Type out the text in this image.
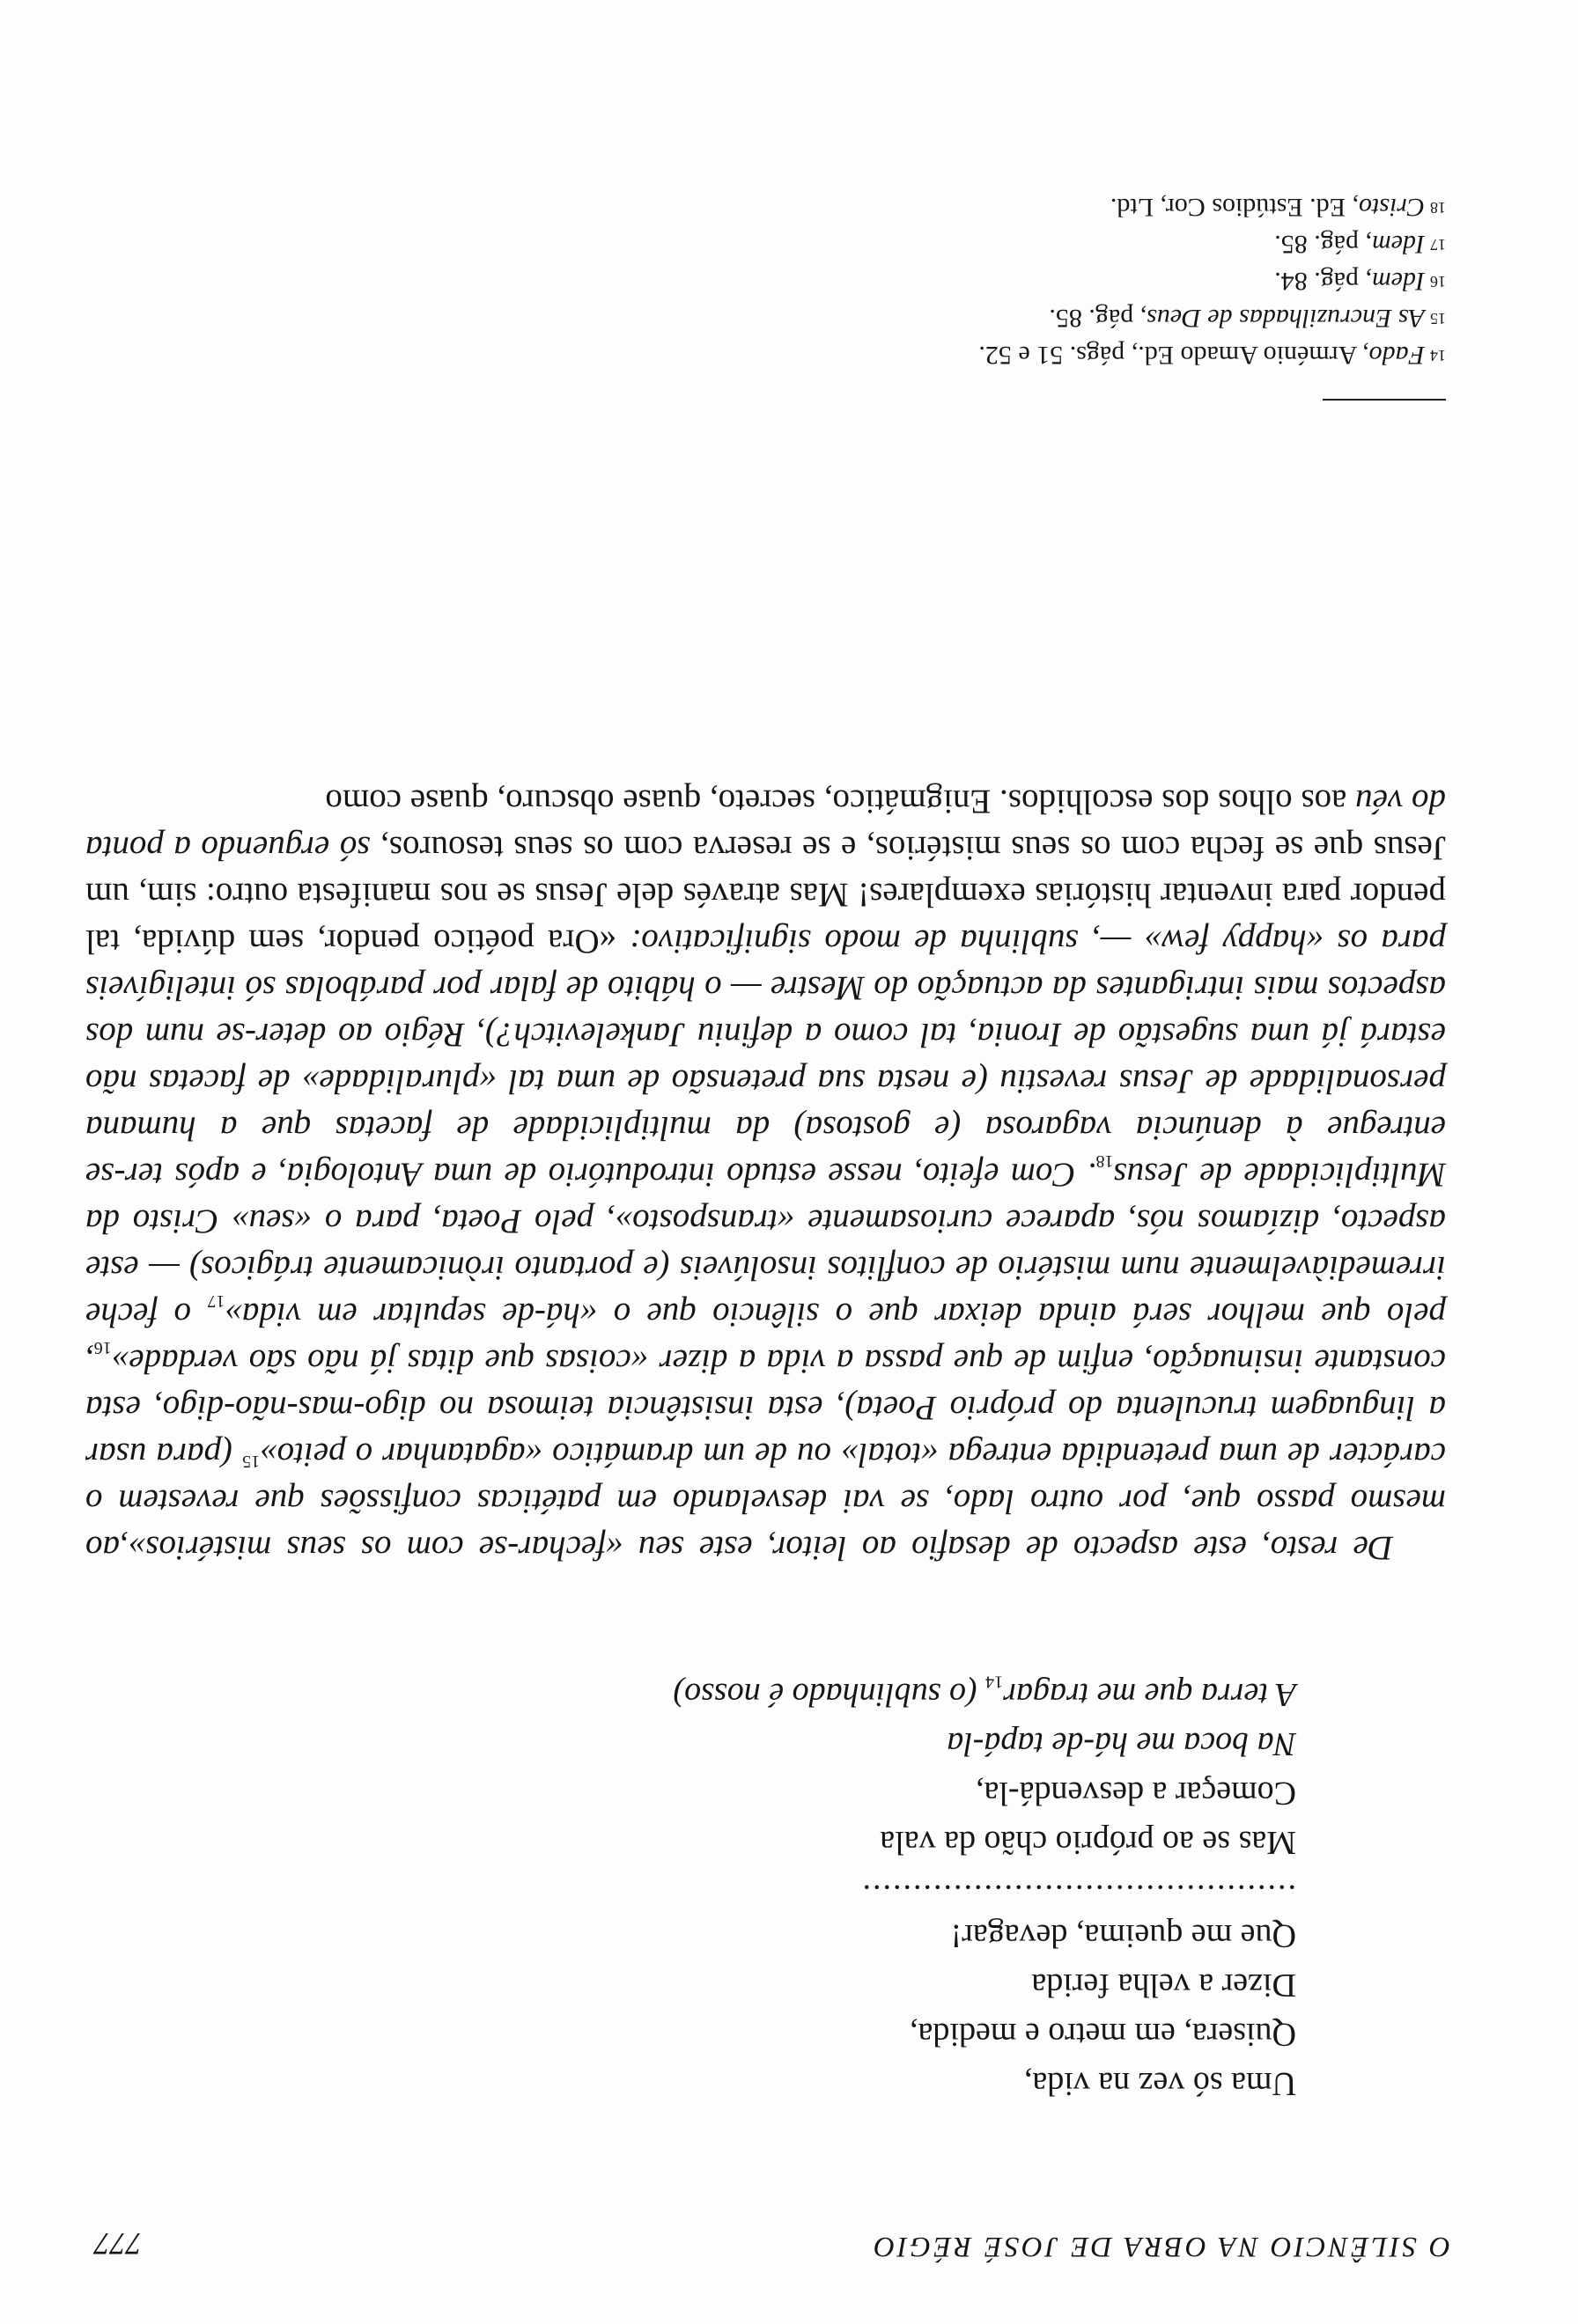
O SILÊNCIO NA OBRA DE JOSÉ RÉGIO
777
Uma só vez na vida,
Quisera, em metro e medida,
Dizer a velha ferida
Que me queima, devagar!
...........................................
Mas se ao próprio chão da vala
Começar a desvendá-la,
Na boca me há-de tapá-la
A terra que me tragar$_{14}$ (o sublinhado é nosso)

De resto, este aspecto de desafio ao leitor, este seu «fechar-se com os seus mistérios»,ao mesmo passo que, por outro lado, se vai desvelando em patéticas confissões que revestem o carácter de uma pretendida entrega «total» ou de um dramático «agatanhar o peito»$^{15}$ (para usar a linguagem truculenta do próprio Poeta), esta insistência teimosa no digo-mas-não-digo, esta constante insinuação, enfim de que passa a vida a dizer «coisas que ditas já não são $verdade»_{16}$, pelo que melhor será ainda deixar que o silêncio que o «há-de sepultar em $vida»_{17}$ o feche irremediàvelmente num mistério de conflitos insolúveis (e portanto irònicamente trágicos) — este aspecto, dizíamos nós, aparece curiosamente «transposto», pelo Poeta, para o «seu» Cristo da Multiplicidade de Jesus$_{18}$. Com efeito, nesse estudo introdutório de uma Antologia, e após ter-se entregue à denúncia vagarosa (e gostosa) da multiplicidade de facetas que a humana personalidade de Jesus revestiu (e nesta sua pretensão de uma tal «pluralidade» de facetas não estará já uma sugestão de Ironia, tal como a definiu Jankelevitch?), Régio ao deter-se num dos aspectos mais intrigantes da actuação do Mestre — o hábito de falar por parábolas só inteligíveis para os «happy few» —, sublinha de modo significativo: «Ora poético pendor, sem dúvida, tal pendor para inventar histórias exemplares! Mas através dele Jesus se nos manifesta outro: sim, um Jesus que se fecha com os seus mistérios, e se reserva com os seus tesouros, só erguendo a ponta do véu aos olhos dos escolhidos. Enigmático, secreto, quase obscuro, quase como

14Fado, Arménio Amado Ed., págs. 51 e 52.
15As Encruzilhadas de Deus, pág. 85.
16Idem, pág. 84.
17Idem, pág. 85.
18Cristo, Ed. Estúdios Cor, Ltd.
